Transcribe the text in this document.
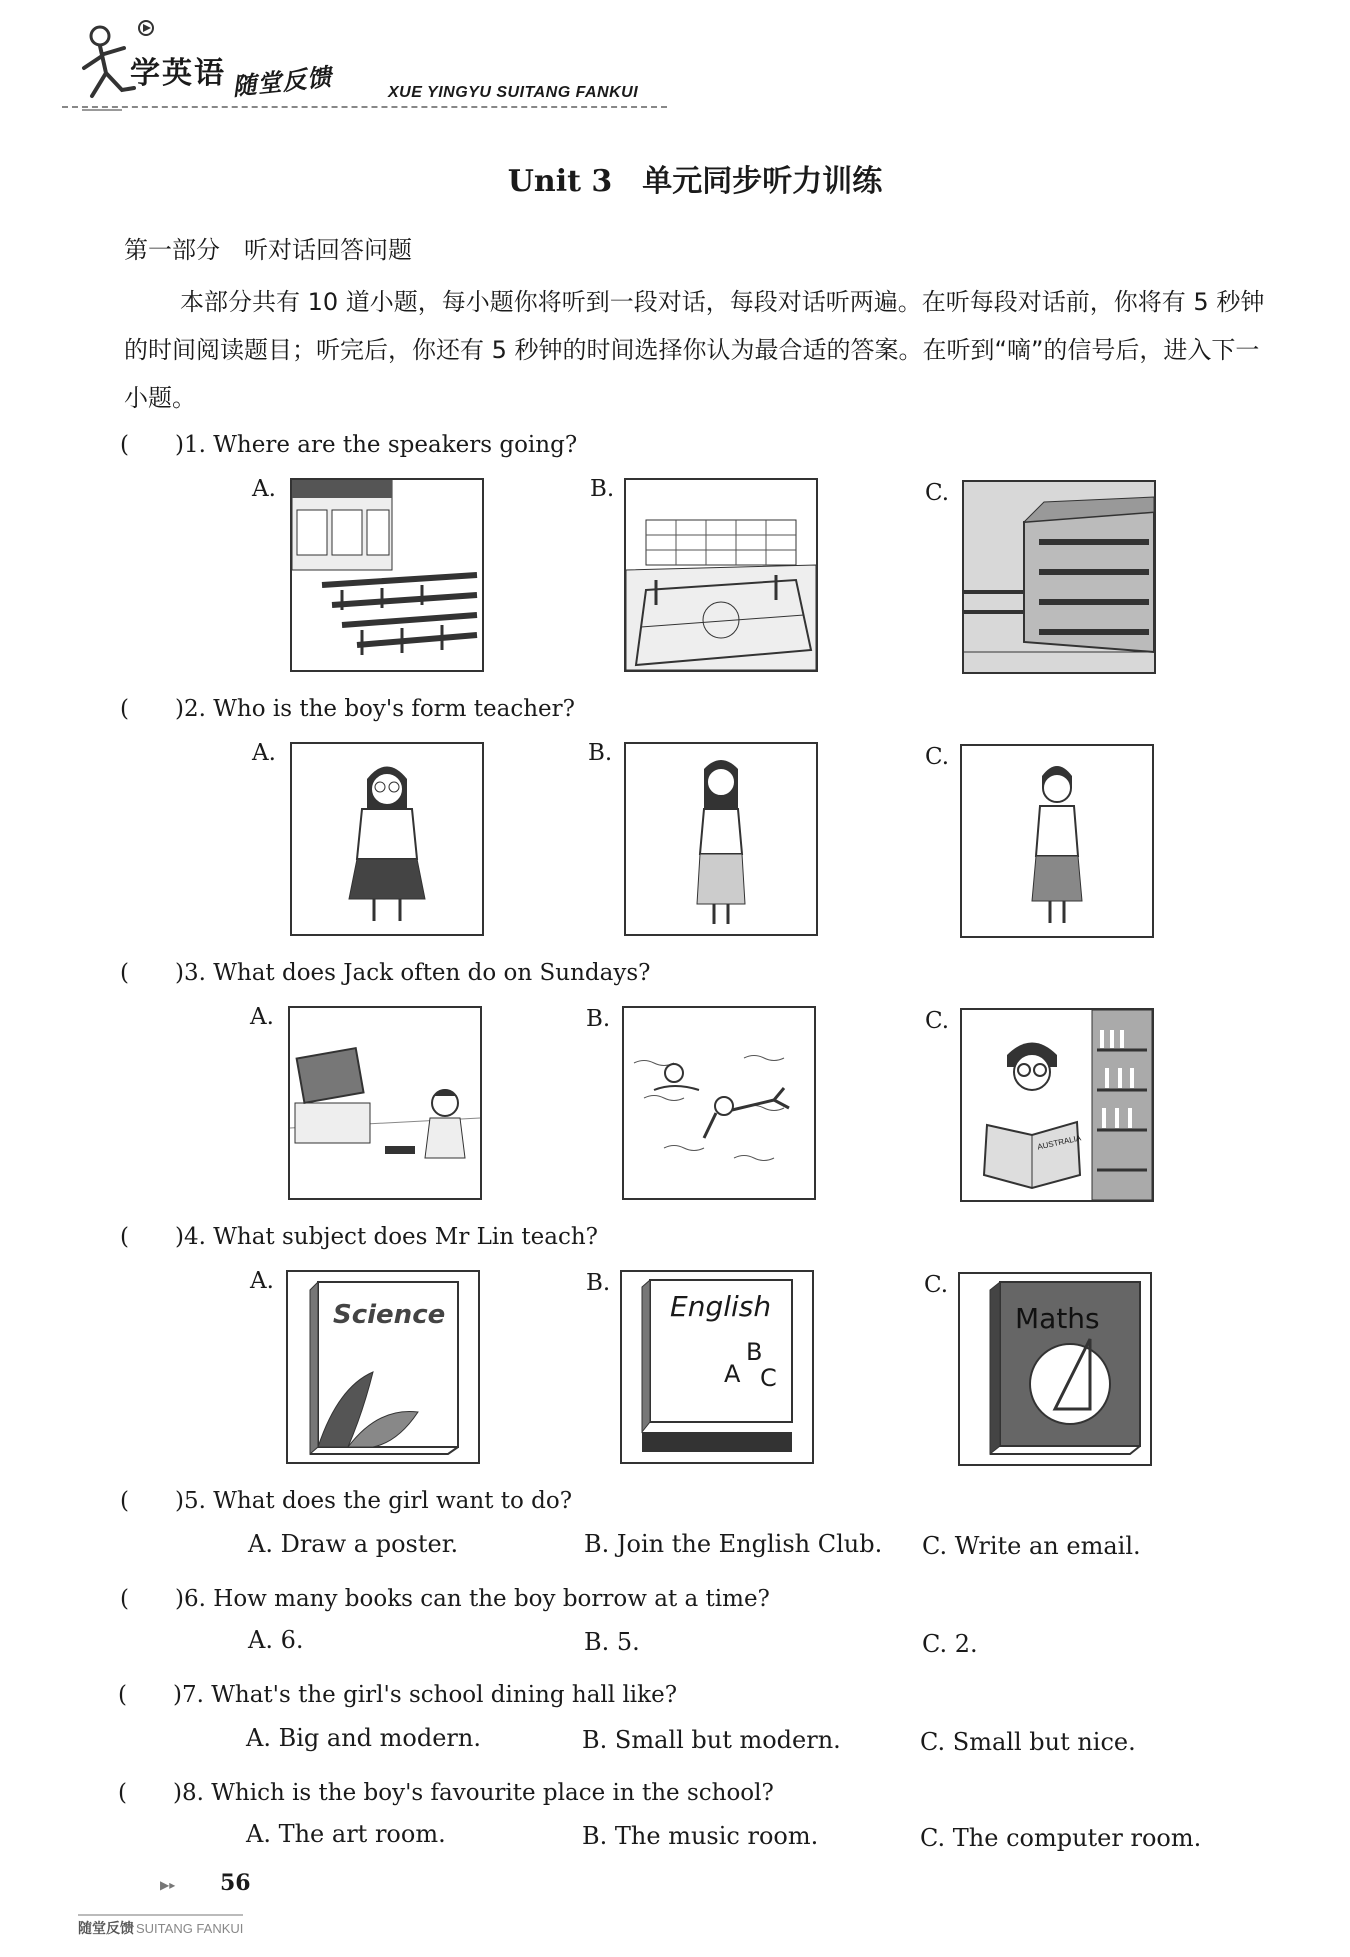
学英语 随堂反馈	XUE YINGYU SUITANG FANKUI
Unit 3　单元同步听力训练
第一部分　听对话回答问题
本部分共有 10 道小题，每小题你将听到一段对话，每段对话听两遍。在听每段对话前，你将有 5 秒钟的时间阅读题目；听完后，你还有 5 秒钟的时间选择你认为最合适的答案。在听到“嘀”的信号后，进入下一小题。
(　　)1. Where are the speakers going?
A.	B.	C.
(　　)2. Who is the boy's form teacher?
A.	B.	C.
(　　)3. What does Jack often do on Sundays?
A.	B.	C.
AUSTRALIA
(　　)4. What subject does Mr Lin teach?
A.	B.	C.
Science	English
A
B
C
Maths
(　　)5. What does the girl want to do?
A. Draw a poster.	B. Join the English Club. C. Write an email.
(　　)6. How many books can the boy borrow at a time?
A. 6.	B. 5.	C. 2.
(　　)7. What's the girl's school dining hall like?
A. Big and modern.	B. Small but modern.	C. Small but nice.
(　　)8. Which is the boy's favourite place in the school?
A. The art room.	B. The music room.	C. The computer room.
▶▸ 56
随堂反馈 SUITANG FANKUI
